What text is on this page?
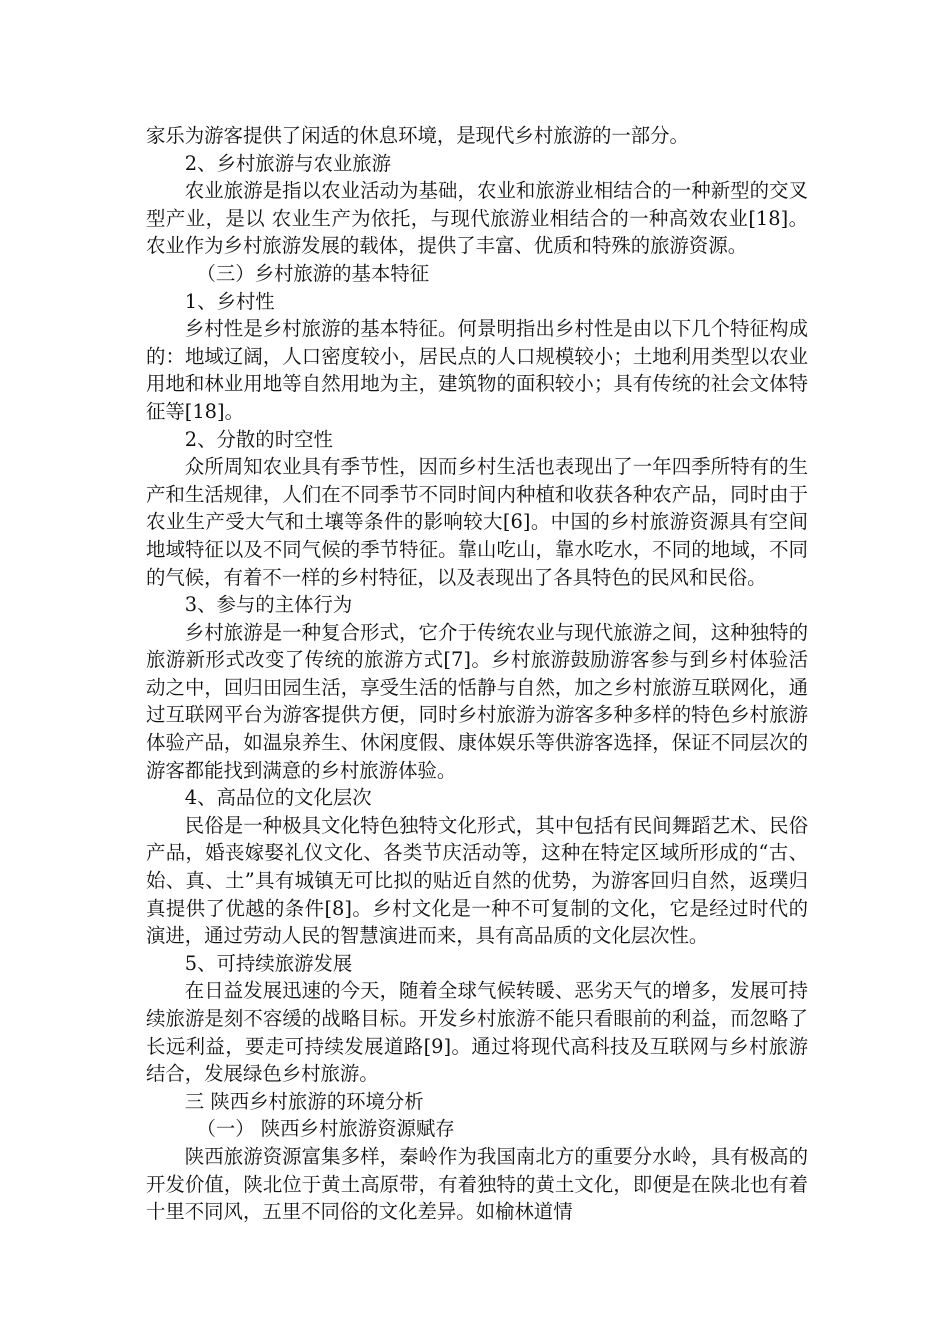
家乐为游客提供了闲适的休息环境，是现代乡村旅游的一部分。

2、乡村旅游与农业旅游

农业旅游是指以农业活动为基础，农业和旅游业相结合的一种新型的交叉型产业，是以 农业生产为依托，与现代旅游业相结合的一种高效农业[18]。农业作为乡村旅游发展的载体，提供了丰富、优质和特殊的旅游资源。

（三）乡村旅游的基本特征

1、乡村性

乡村性是乡村旅游的基本特征。何景明指出乡村性是由以下几个特征构成的：地域辽阔，人口密度较小，居民点的人口规模较小；土地利用类型以农业用地和林业用地等自然用地为主，建筑物的面积较小；具有传统的社会文体特征等[18]。

2、分散的时空性

众所周知农业具有季节性，因而乡村生活也表现出了一年四季所特有的生产和生活规律，人们在不同季节不同时间内种植和收获各种农产品，同时由于农业生产受大气和土壤等条件的影响较大[6]。中国的乡村旅游资源具有空间地域特征以及不同气候的季节特征。靠山吃山，靠水吃水，不同的地域，不同的气候，有着不一样的乡村特征，以及表现出了各具特色的民风和民俗。

3、参与的主体行为

乡村旅游是一种复合形式，它介于传统农业与现代旅游之间，这种独特的旅游新形式改变了传统的旅游方式[7]。乡村旅游鼓励游客参与到乡村体验活动之中，回归田园生活，享受生活的恬静与自然，加之乡村旅游互联网化，通过互联网平台为游客提供方便，同时乡村旅游为游客多种多样的特色乡村旅游体验产品，如温泉养生、休闲度假、康体娱乐等供游客选择，保证不同层次的游客都能找到满意的乡村旅游体验。

4、高品位的文化层次

民俗是一种极具文化特色独特文化形式，其中包括有民间舞蹈艺术、民俗产品，婚丧嫁娶礼仪文化、各类节庆活动等，这种在特定区域所形成的“古、始、真、土”具有城镇无可比拟的贴近自然的优势，为游客回归自然，返璞归真提供了优越的条件[8]。乡村文化是一种不可复制的文化，它是经过时代的演进，通过劳动人民的智慧演进而来，具有高品质的文化层次性。

5、可持续旅游发展

在日益发展迅速的今天，随着全球气候转暖、恶劣天气的增多，发展可持续旅游是刻不容缓的战略目标。开发乡村旅游不能只看眼前的利益，而忽略了长远利益，要走可持续发展道路[9]。通过将现代高科技及互联网与乡村旅游结合，发展绿色乡村旅游。

三 陕西乡村旅游的环境分析

（一） 陕西乡村旅游资源赋存

陕西旅游资源富集多样，秦岭作为我国南北方的重要分水岭，具有极高的开发价值，陕北位于黄土高原带，有着独特的黄土文化，即便是在陕北也有着十里不同风，五里不同俗的文化差异。如榆林道情
